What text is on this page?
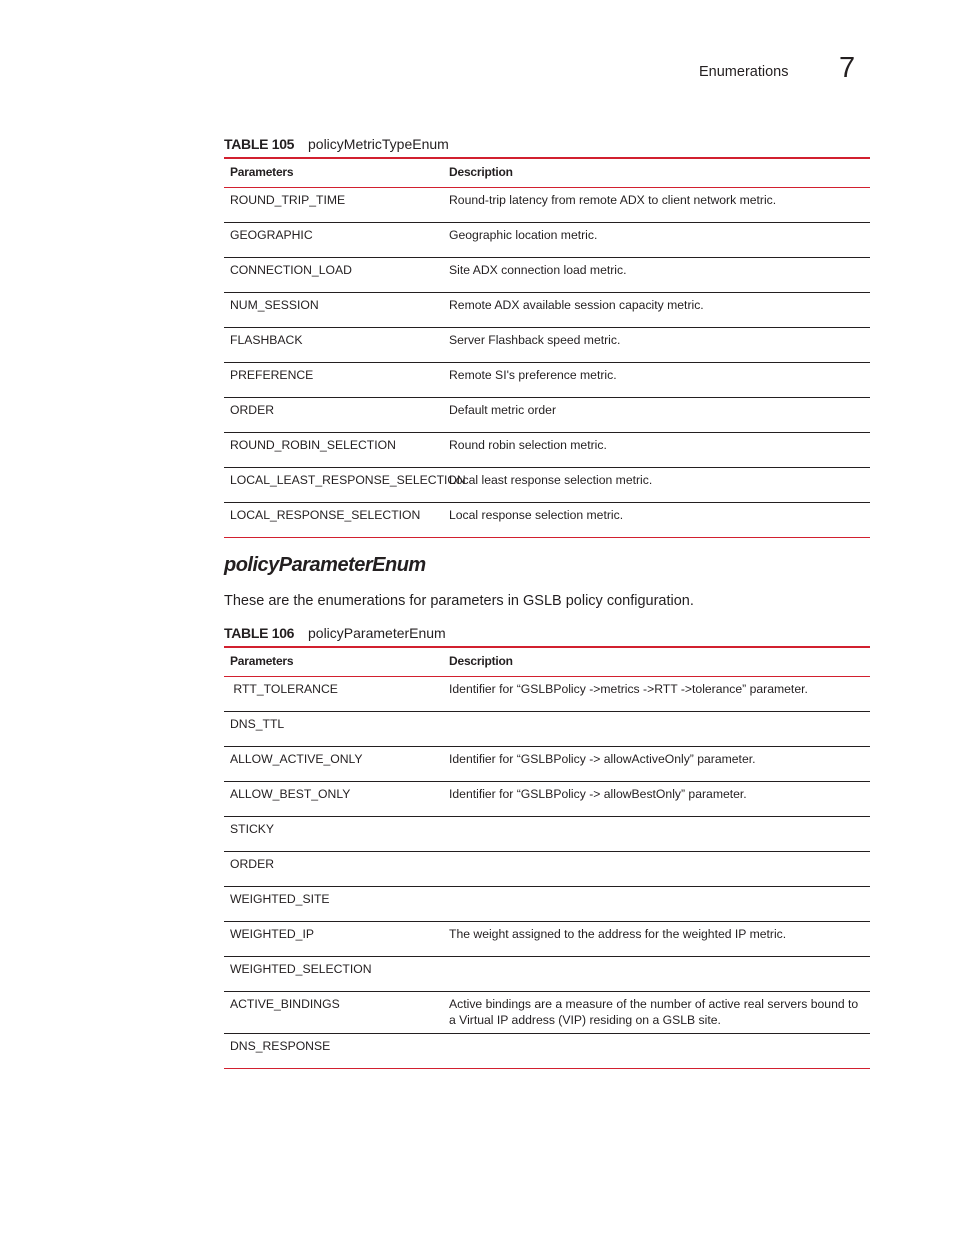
Enumerations 7
TABLE 105 policyMetricTypeEnum
Parameters	Description
ROUND_TRIP_TIME	Round-trip latency from remote ADX to client network metric.
GEOGRAPHIC	Geographic location metric.
CONNECTION_LOAD	Site ADX connection load metric.
NUM_SESSION	Remote ADX available session capacity metric.
FLASHBACK	Server Flashback speed metric.
PREFERENCE	Remote SI's preference metric.
ORDER	Default metric order
ROUND_ROBIN_SELECTION	Round robin selection metric.
LOCAL_LEAST_RESPONSE_SELECTION	Local least response selection metric.
LOCAL_RESPONSE_SELECTION	Local response selection metric.
policyParameterEnum
These are the enumerations for parameters in GSLB policy configuration.
TABLE 106 policyParameterEnum
Parameters	Description
RTT_TOLERANCE	Identifier for “GSLBPolicy ->metrics ->RTT ->tolerance” parameter.
DNS_TTL	
ALLOW_ACTIVE_ONLY	Identifier for “GSLBPolicy -> allowActiveOnly” parameter.
ALLOW_BEST_ONLY	Identifier for “GSLBPolicy -> allowBestOnly” parameter.
STICKY	
ORDER	
WEIGHTED_SITE	
WEIGHTED_IP	The weight assigned to the address for the weighted IP metric.
WEIGHTED_SELECTION	
ACTIVE_BINDINGS	Active bindings are a measure of the number of active real servers bound to a Virtual IP address (VIP) residing on a GSLB site.
DNS_RESPONSE	
